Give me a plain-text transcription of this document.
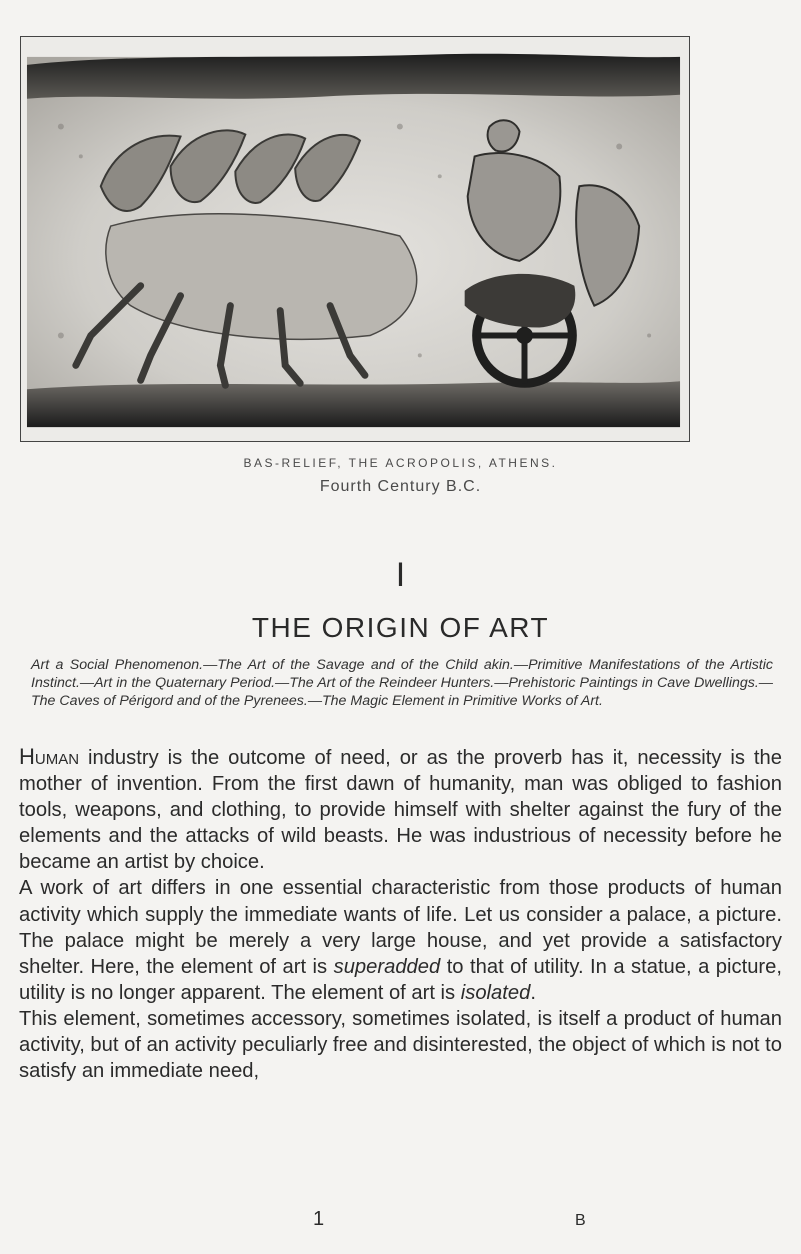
BAS-RELIEF, THE ACROPOLIS, ATHENS.
Fourth Century B.C.
I
THE ORIGIN OF ART
Art a Social Phenomenon.—The Art of the Savage and of the Child akin.—Primitive Manifestations of the Artistic Instinct.—Art in the Quaternary Period.—The Art of the Reindeer Hunters.—Prehistoric Paintings in Cave Dwellings.—The Caves of Périgord and of the Pyrenees.—The Magic Element in Primitive Works of Art.

Human industry is the outcome of need, or as the proverb has it, necessity is the mother of invention. From the first dawn of humanity, man was obliged to fashion tools, weapons, and clothing, to provide himself with shelter against the fury of the elements and the attacks of wild beasts. He was industrious of necessity before he became an artist by choice.

A work of art differs in one essential characteristic from those products of human activity which supply the immediate wants of life. Let us consider a palace, a picture. The palace might be merely a very large house, and yet provide a satisfactory shelter. Here, the element of art is superadded to that of utility. In a statue, a picture, utility is no longer apparent. The element of art is isolated.

This element, sometimes accessory, sometimes isolated, is itself a product of human activity, but of an activity peculiarly free and disinterested, the object of which is not to satisfy an immediate need,

1	B
